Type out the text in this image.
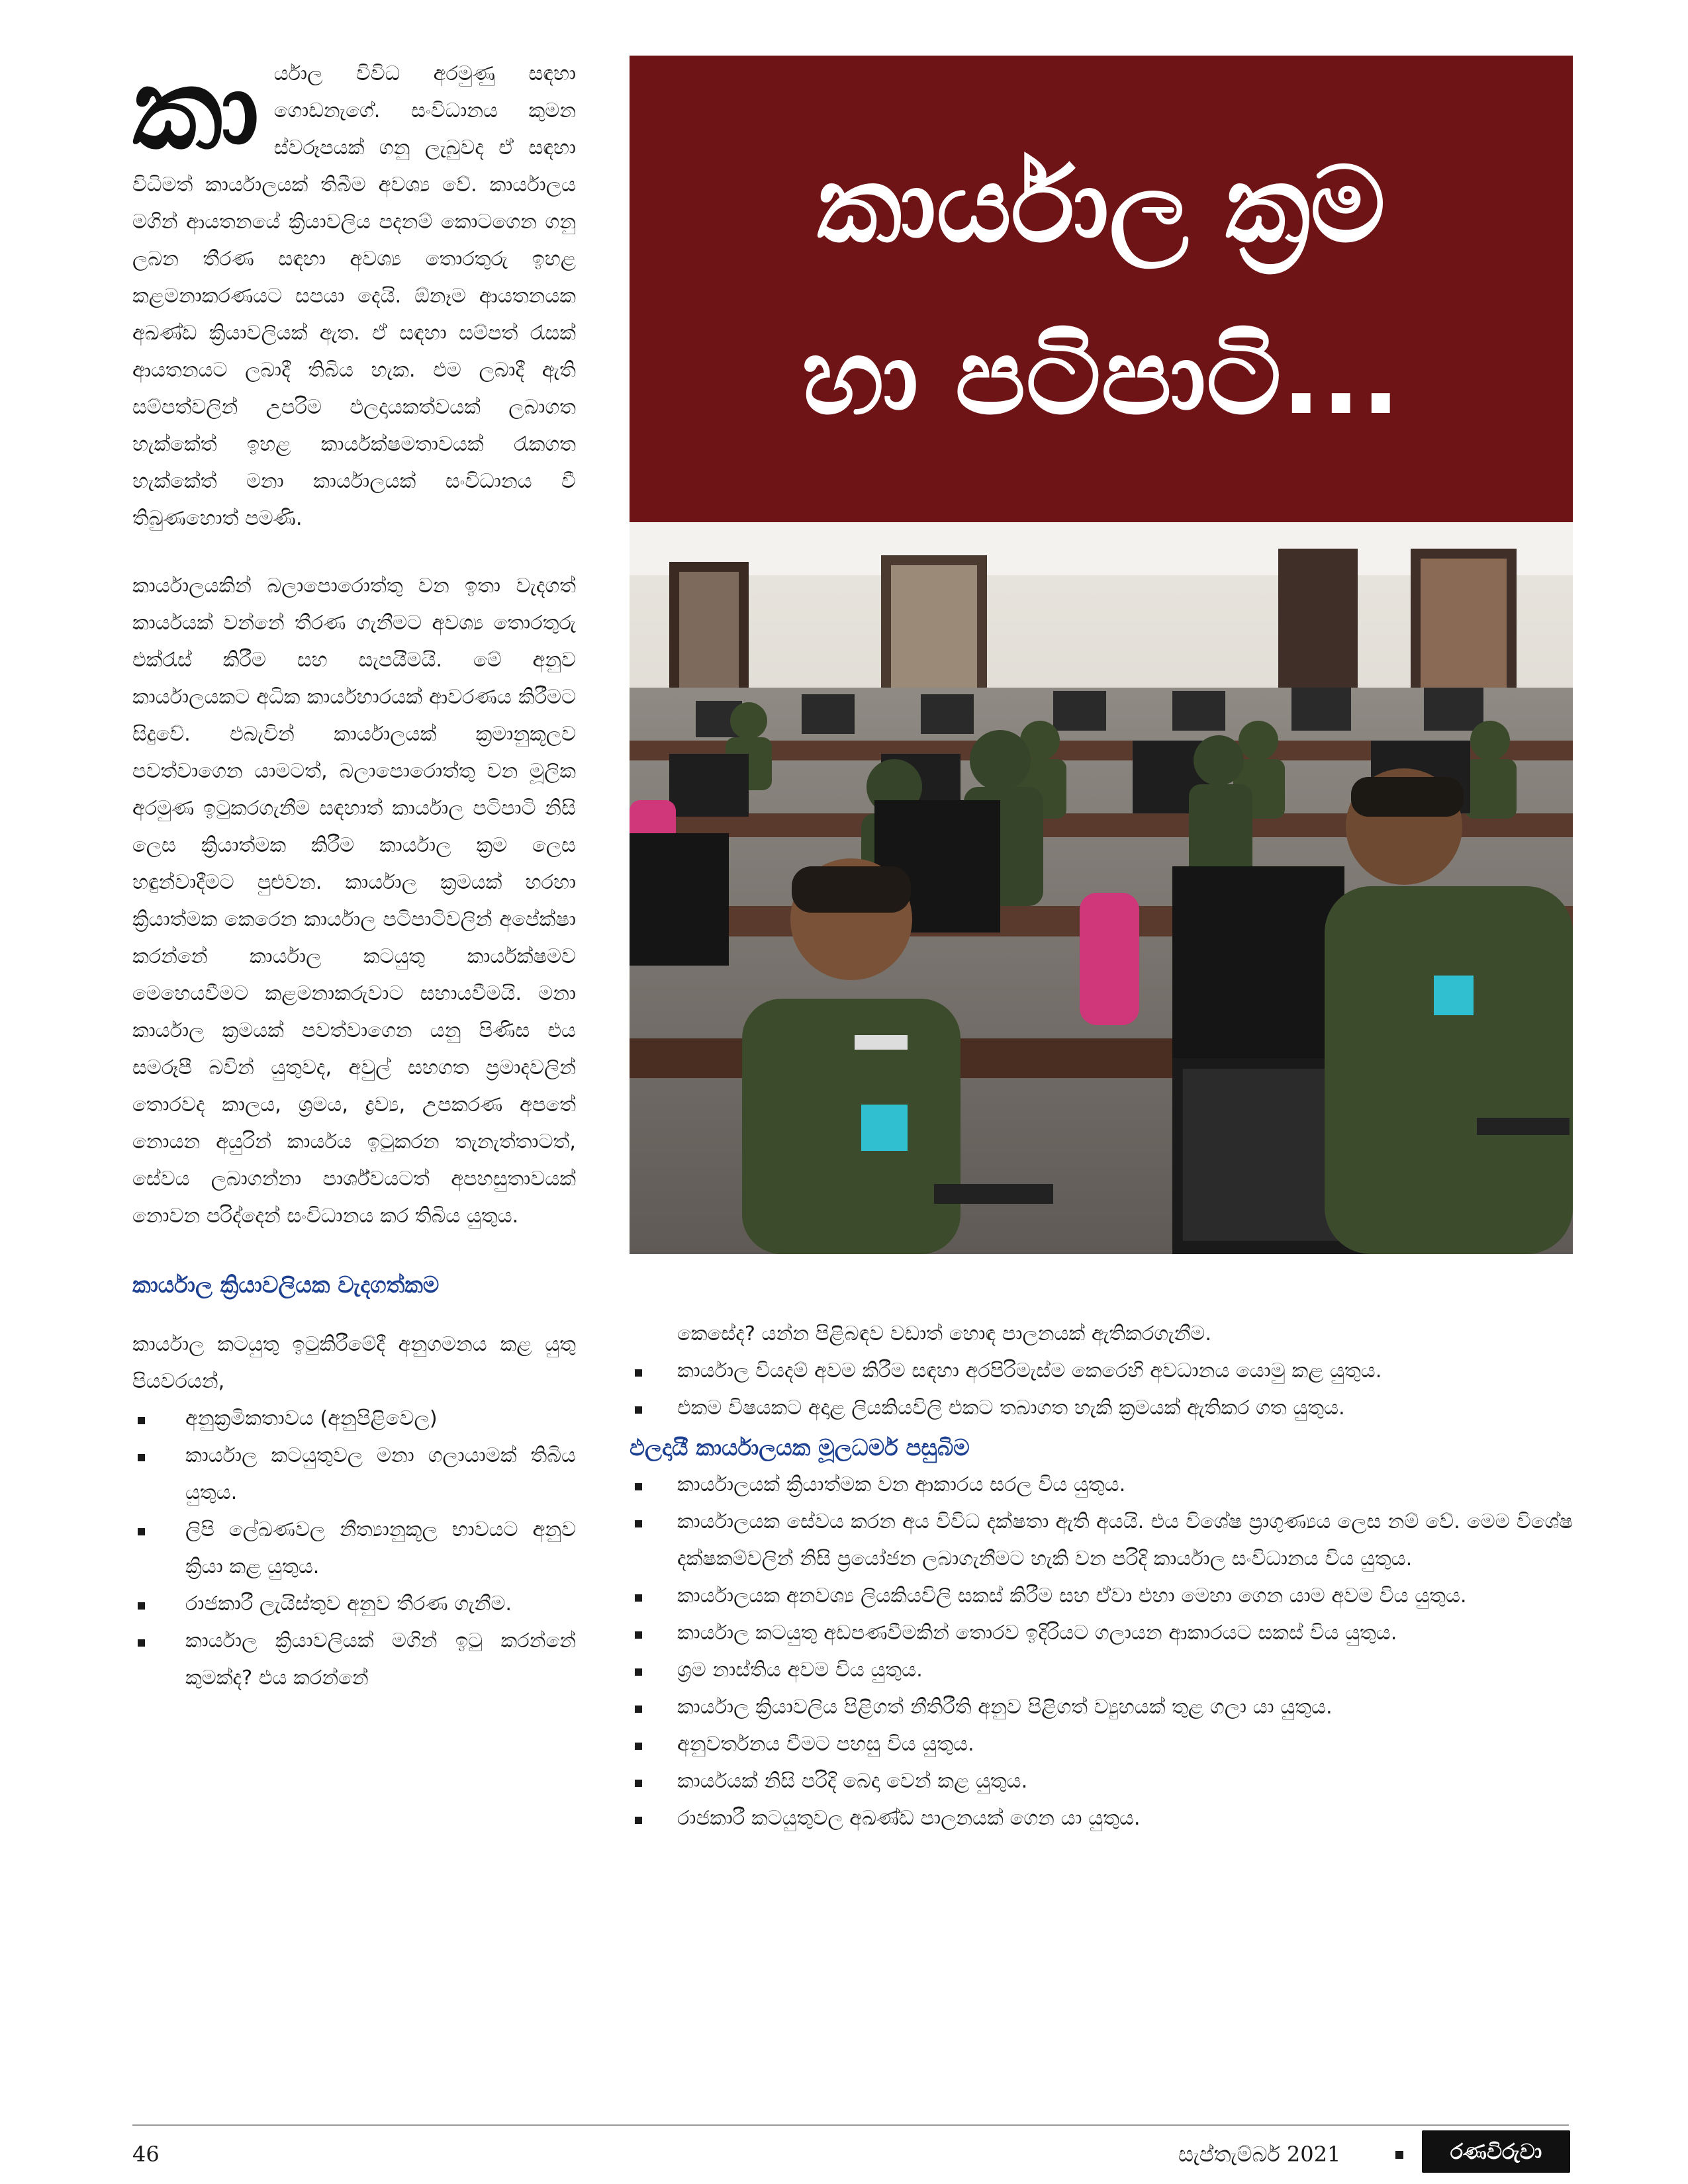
කාර්යාල විවිධ අරමුණු සඳහා ගොඩනැගේ. සංවිධානය කුමන ස්වරූපයක් ගනු ලැබුවද ඒ සඳහා විධිමත් කාර්යාලයක් තිබීම අවශ්‍ය වේ. කාර්යාලය මගින් ආයතනයේ ක්‍රියාවලිය පදනම් කොටගෙන ගනු ලබන තීරණ සඳහා අවශ්‍ය තොරතුරු ඉහළ කළමනාකරණයට සපයා දෙයි. ඕනෑම ආයතනයක අඛණ්ඩ ක්‍රියාවලියක් ඇත. ඒ සඳහා සම්පත් රැසක් ආයතනයට ලබාදී තිබිය හැක. එම ලබාදී ඇති සම්පත්වලින් උපරිම ඵලදායකත්වයක් ලබාගත හැක්කේත් ඉහළ කාර්යක්ෂමතාවයක් රැකගත හැක්කේත් මනා කාර්යාලයක් සංවිධානය වී තිබුණහොත් පමණි.

කාර්යාලයකින් බලාපොරොත්තු වන ඉතා වැදගත් කාර්යයක් වන්නේ තීරණ ගැනීමට අවශ්‍ය තොරතුරු එක්රැස් කිරීම සහ සැපයීමයි. මේ අනුව කාර්යාලයකට අධික කාර්යභාරයක් ආවරණය කිරීමට සිදුවේ. එබැවින් කාර්යාලයක් ක්‍රමානුකූලව පවත්වාගෙන යාමටත්, බලාපොරොත්තු වන මූලික අරමුණ ඉටුකරගැනීම සඳහාත් කාර්යාල පටිපාටි නිසි ලෙස ක්‍රියාත්මක කිරීම කාර්යාල ක්‍රම ලෙස හඳුන්වාදීමට පුළුවන. කාර්යාල ක්‍රමයක් හරහා ක්‍රියාත්මක කෙරෙන කාර්යාල පටිපාටිවලින් අපේක්ෂා කරන්නේ කාර්යාල කටයුතු කාර්යක්ෂමව මෙහෙයවීමට කළමනාකරුවාට සහායවීමයි. මනා කාර්යාල ක්‍රමයක් පවත්වාගෙන යනු පිණිස එය සමරූපී බවින් යුතුවද, අවුල් සහගත ප්‍රමාදවලින් තොරවද කාලය, ශ්‍රමය, ද්‍රව්‍ය, උපකරණ අපතේ නොයන අයුරින් කාර්යය ඉටුකරන තැනැත්තාටත්, සේවය ලබාගන්නා පාර්ශ්වයටත් අපහසුතාවයක් නොවන පරිද්දෙන් සංවිධානය කර තිබිය යුතුය.

කාර්යාල ක්‍රියාවලියක වැදගත්කම

කාර්යාල කටයුතු ඉටුකිරීමේදී අනුගමනය කළ යුතු පියවරයන්,

අනුක්‍රමිකතාවය (අනුපිළිවෙල)
කාර්යාල කටයුතුවල මනා ගලායාමක් තිබිය යුතුය.
ලිපි ලේඛණවල නීත්‍යානුකූල භාවයට අනුව ක්‍රියා කළ යුතුය.
රාජකාරී ලැයිස්තුව අනුව තීරණ ගැනීම.
කාර්යාල ක්‍රියාවලියක් මගින් ඉටු කරන්නේ කුමක්ද? එය කරන්නේ
කාර්යාල ක්‍රම
හා පටිපාටි...

කෙසේද? යන්න පිළිබඳව වඩාත් හොඳ පාලනයක් ඇතිකරගැනීම.

කාර්යාල වියදම් අවම කිරීම සඳහා අරපිරිමැස්ම කෙරෙහි අවධානය යොමු කළ යුතුය.
එකම විෂයකට අදාළ ලියකියවිලි එකට තබාගත හැකි ක්‍රමයක් ඇතිකර ගත යුතුය.

ඵලදායී කාර්යාලයක මූලධර්ම පසුබිම

කාර්යාලයක් ක්‍රියාත්මක වන ආකාරය සරල විය යුතුය.
කාර්යාලයක සේවය කරන අය විවිධ දක්ෂතා ඇති අයයි. එය විශේෂ ප්‍රාගුණ්‍යය ලෙස නම් වේ. මෙම විශේෂ දක්ෂකම්වලින් නිසි ප්‍රයෝජන ලබාගැනීමට හැකි වන පරිදි කාර්යාල සංවිධානය විය යුතුය.
කාර්යාලයක අනවශ්‍ය ලියකියවිලි සකස් කිරීම සහ ඒවා එහා මෙහා ගෙන යාම අවම විය යුතුය.
කාර්යාල කටයුතු අඩපණවීමකින් තොරව ඉදිරියට ගලායන ආකාරයට සකස් විය යුතුය.
ශ්‍රම නාස්තිය අවම විය යුතුය.
කාර්යාල ක්‍රියාවලිය පිළිගත් නීතිරීති අනුව පිළිගත් ව්‍යුහයක් තුළ ගලා යා යුතුය.
අනුවර්තනය වීමට පහසු විය යුතුය.
කාර්යයක් නිසි පරිදි බෙදා වෙන් කළ යුතුය.
රාජකාරී කටයුතුවල අඛණ්ඩ පාලනයක් ගෙන යා යුතුය.
46	සැප්තැම්බර් 2021	රණවිරුවා
